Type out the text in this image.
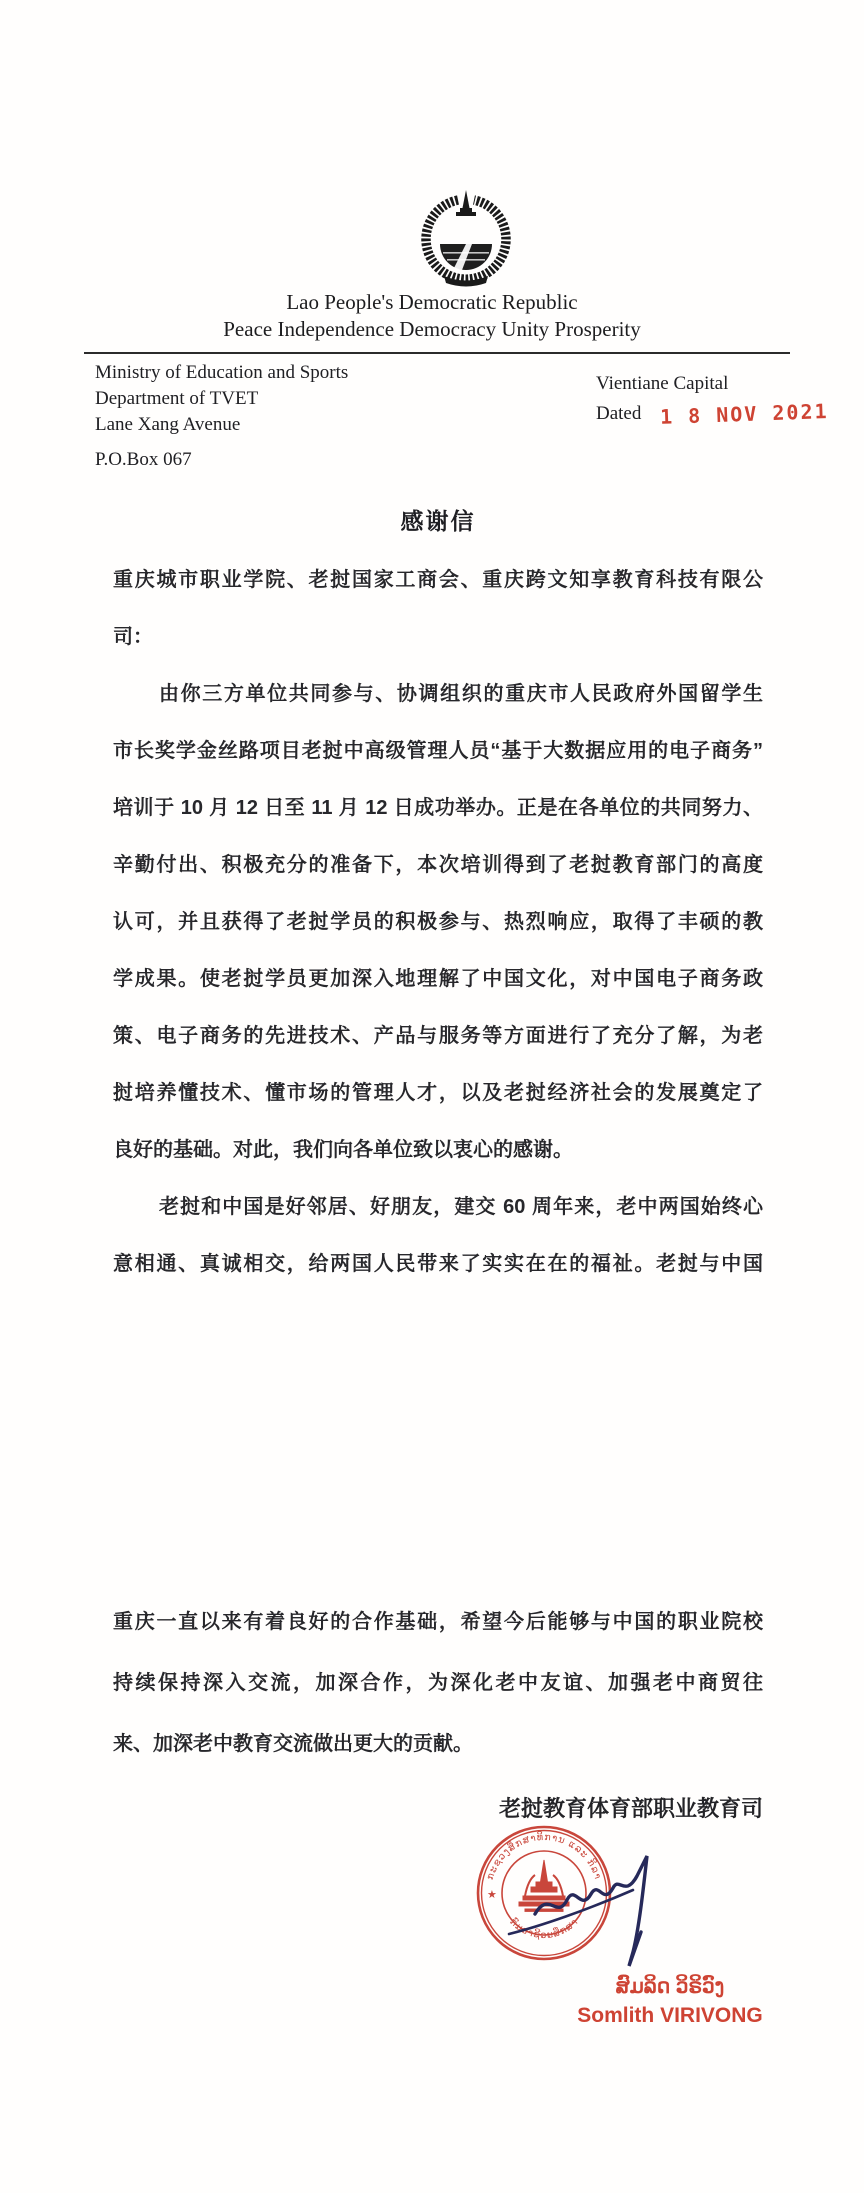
Lao People's Democratic Republic
Peace Independence Democracy Unity Prosperity
Ministry of Education and Sports
Department of TVET
Lane Xang Avenue
P.O.Box 067
Vientiane Capital
Dated 1 8 NOV 2021
感谢信
重庆城市职业学院、老挝国家工商会、重庆跨文知享教育科技有限公
司：
由你三方单位共同参与、协调组织的重庆市人民政府外国留学生
市长奖学金丝路项目老挝中高级管理人员“基于大数据应用的电子商务”
培训于 10 月 12 日至 11 月 12 日成功举办。正是在各单位的共同努力、
辛勤付出、积极充分的准备下，本次培训得到了老挝教育部门的高度
认可，并且获得了老挝学员的积极参与、热烈响应，取得了丰硕的教
学成果。使老挝学员更加深入地理解了中国文化，对中国电子商务政
策、电子商务的先进技术、产品与服务等方面进行了充分了解，为老
挝培养懂技术、懂市场的管理人才，以及老挝经济社会的发展奠定了
良好的基础。对此，我们向各单位致以衷心的感谢。
老挝和中国是好邻居、好朋友，建交 60 周年来，老中两国始终心
意相通、真诚相交，给两国人民带来了实实在在的福祉。老挝与中国
重庆一直以来有着良好的合作基础，希望今后能够与中国的职业院校
持续保持深入交流，加深合作，为深化老中友谊、加强老中商贸往
来、加深老中教育交流做出更大的贡献。
老挝教育体育部职业教育司
ກະຊວງສຶກສາທິການ ແລະ ກິລາ
ກົມອາຊີວະສຶກສາ
★
ສົມລິດ ວິຣິວົງ
Somlith VIRIVONG
